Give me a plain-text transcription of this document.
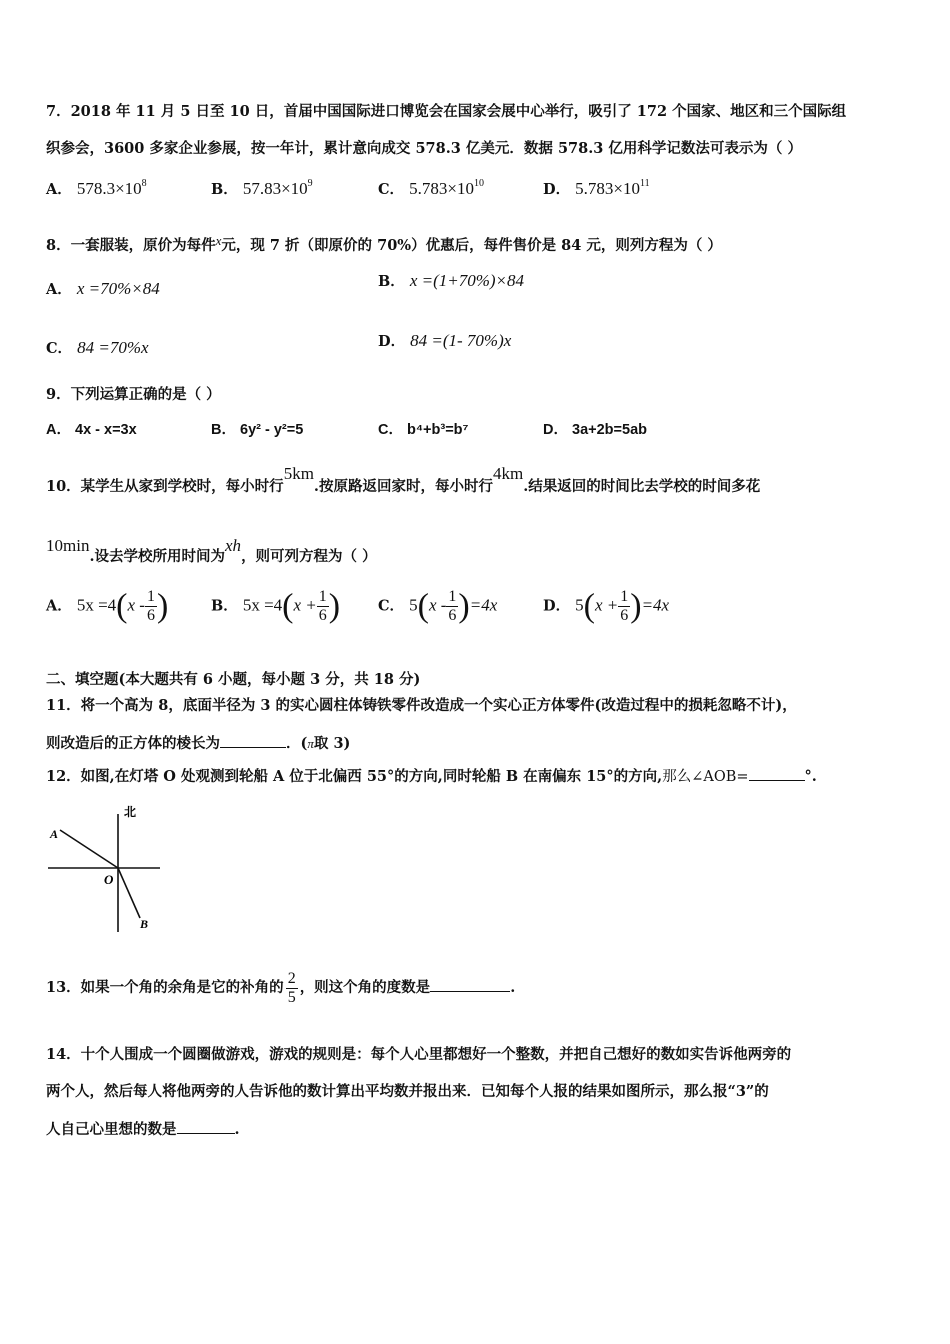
7．2018 年 11 月 5 日至 10 日，首届中国国际进口博览会在国家会展中心举行，吸引了 172 个国家、地区和三个国际组
织参会，3600 多家企业参展，按一年计，累计意向成交 578.3 亿美元．数据 578.3 亿用科学记数法可表示为（ ）
A． $578.3\times 10^8$	B． $57.83\times 10^9$	C． $5.783\times 10^{10}$	D． $5.783\times 10^{11}$
8．一套服装，原价为每件x元，现 7 折（即原价的 70%）优惠后，每件售价是 84 元，则列方程为（ ）
A． x =70%×84	B． x =(1+70%)×84
C． 84 =70%x	D． 84 =(1- 70%)x
9．下列运算正确的是（ ）
A． 4x - x=3x	B． 6y² - y²=5	C． b⁴+b³=b⁷	D． 3a+2b=5ab
10．某学生从家到学校时，每小时行5km.按原路返回家时，每小时行4km.结果返回的时间比去学校的时间多花
10min.设去学校所用时间为xh，则可列方程为（ ）
A． $5x =4(x - \frac{1}{6}$ )	B． $5x =4(x + \frac{1}{6}$ )	C． $5(x - \frac{1}{6} )=4x$	D． $5(x + \frac{1}{6} )=4x$
二、填空题(本大题共有 6 小题，每小题 3 分，共 18 分)
11．将一个高为 8，底面半径为 3 的实心圆柱体铸铁零件改造成一个实心正方体零件(改造过程中的损耗忽略不计)，
则改造后的正方体的棱长为	．(π取 3)
12．如图,在灯塔 O 处观测到轮船 A 位于北偏西 55°的方向,同时轮船 B 在南偏东 15°的方向,那么∠AOB=	°.
北
A
O
B
13．如果一个角的余角是它的补角的 $\frac{2}{5}$ ，则这个角的度数是	.
14．十个人围成一个圆圈做游戏，游戏的规则是：每个人心里都想好一个整数，并把自己想好的数如实告诉他两旁的
两个人，然后每人将他两旁的人告诉他的数计算出平均数并报出来．已知每个人报的结果如图所示，那么报“3”的
人自己心里想的数是	.
